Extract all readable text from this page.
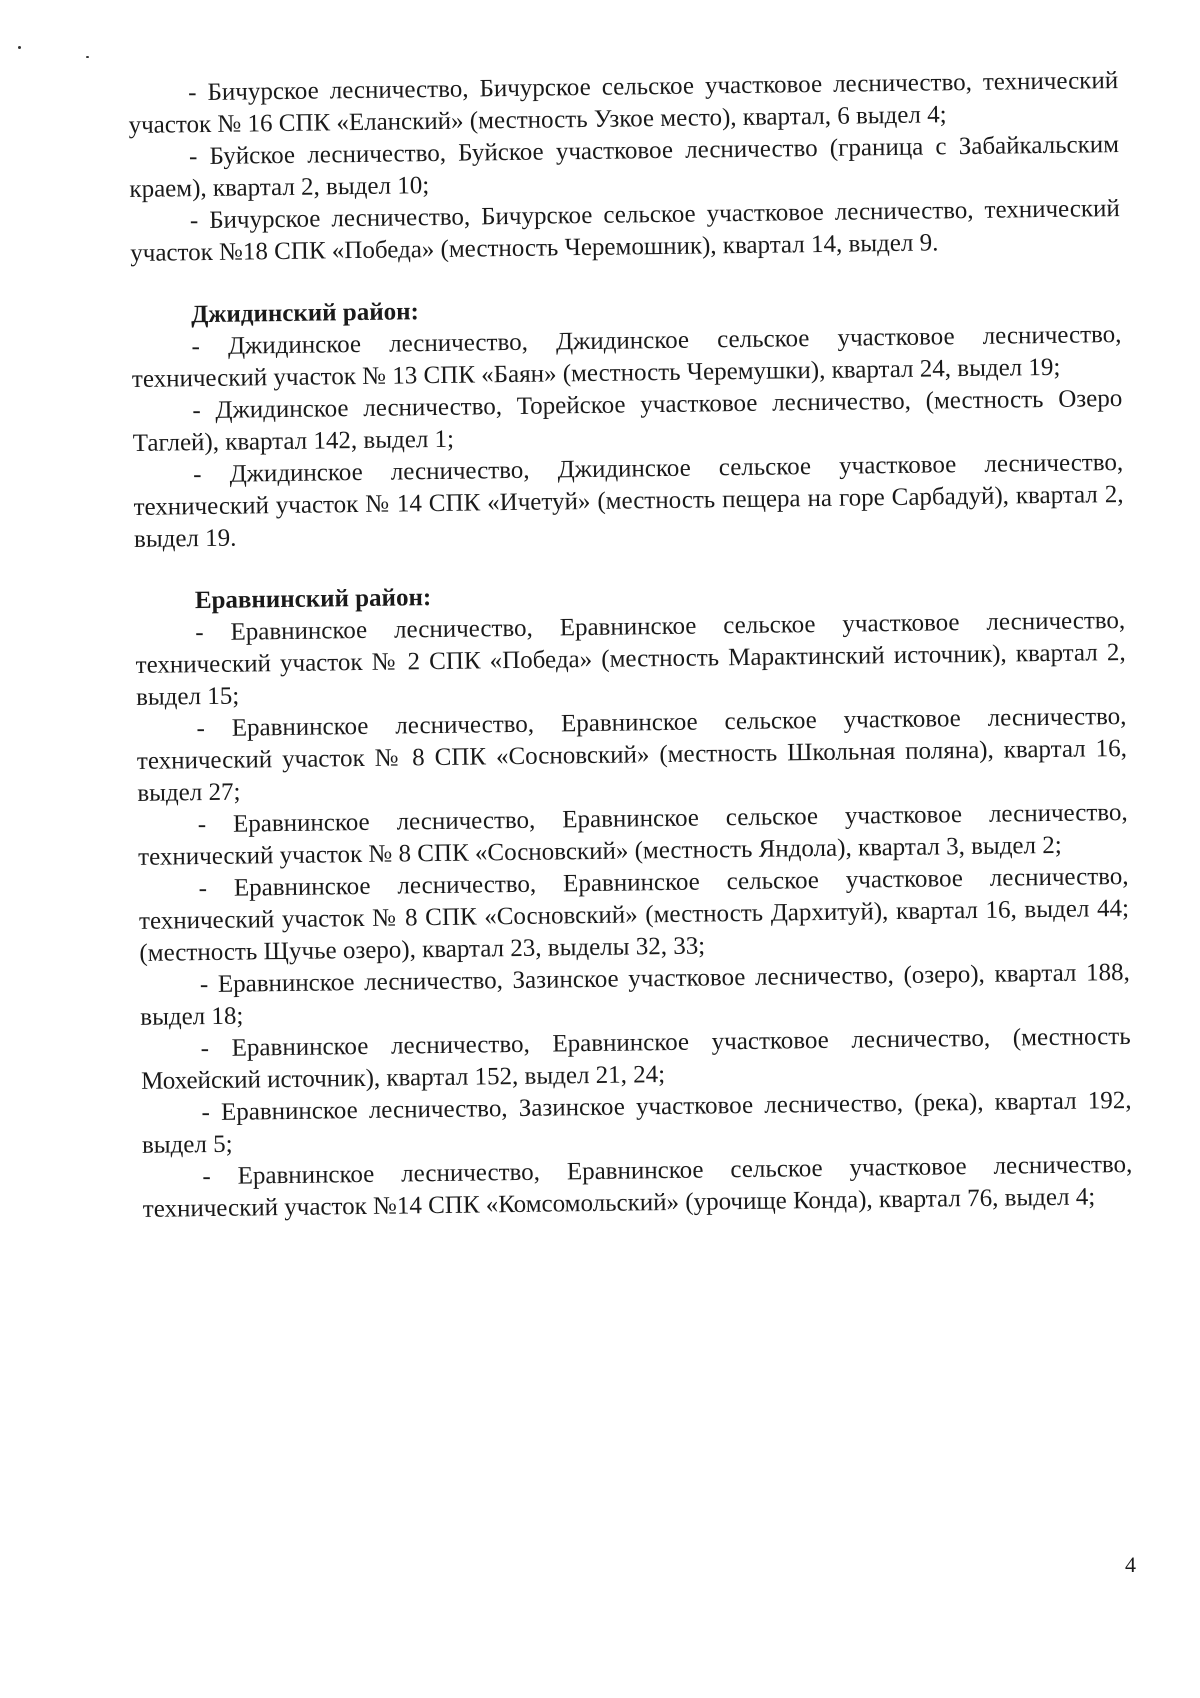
- Бичурское лесничество, Бичурское сельское участковое лесничество, технический участок № 16 СПК «Еланский» (местность Узкое место), квартал, 6 выдел 4;

- Буйское лесничество, Буйское участковое лесничество (граница с Забайкальским краем), квартал 2, выдел 10;

- Бичурское лесничество, Бичурское сельское участковое лесничество, технический участок №18 СПК «Победа» (местность Черемошник), квартал 14, выдел 9.

Джидинский район:

- Джидинское лесничество, Джидинское сельское участковое лесничество, технический участок № 13 СПК «Баян» (местность Черемушки), квартал 24, выдел 19;

- Джидинское лесничество, Торейское участковое лесничество, (местность Озеро Таглей), квартал 142, выдел 1;

- Джидинское лесничество, Джидинское сельское участковое лесничество, технический участок № 14 СПК «Ичетуй» (местность пещера на горе Сарбадуй), квартал 2, выдел 19.

Еравнинский район:

- Еравнинское лесничество, Еравнинское сельское участковое лесничество, технический участок № 2 СПК «Победа» (местность Марактинский источник), квартал 2, выдел 15;

- Еравнинское лесничество, Еравнинское сельское участковое лесничество, технический участок № 8 СПК «Сосновский» (местность Школьная поляна), квартал 16, выдел 27;

- Еравнинское лесничество, Еравнинское сельское участковое лесничество, технический участок № 8 СПК «Сосновский» (местность Яндола), квартал 3, выдел 2;

- Еравнинское лесничество, Еравнинское сельское участковое лесничество, технический участок № 8 СПК «Сосновский» (местность Дархитуй), квартал 16, выдел 44; (местность Щучье озеро), квартал 23, выделы 32, 33;

- Еравнинское лесничество, Зазинское участковое лесничество, (озеро), квартал 188, выдел 18;

- Еравнинское лесничество, Еравнинское участковое лесничество, (местность Мохейский источник), квартал 152, выдел 21, 24;

- Еравнинское лесничество, Зазинское участковое лесничество, (река), квартал 192, выдел 5;

- Еравнинское лесничество, Еравнинское сельское участковое лесничество, технический участок №14 СПК «Комсомольский» (урочище Конда), квартал 76, выдел 4;

4
